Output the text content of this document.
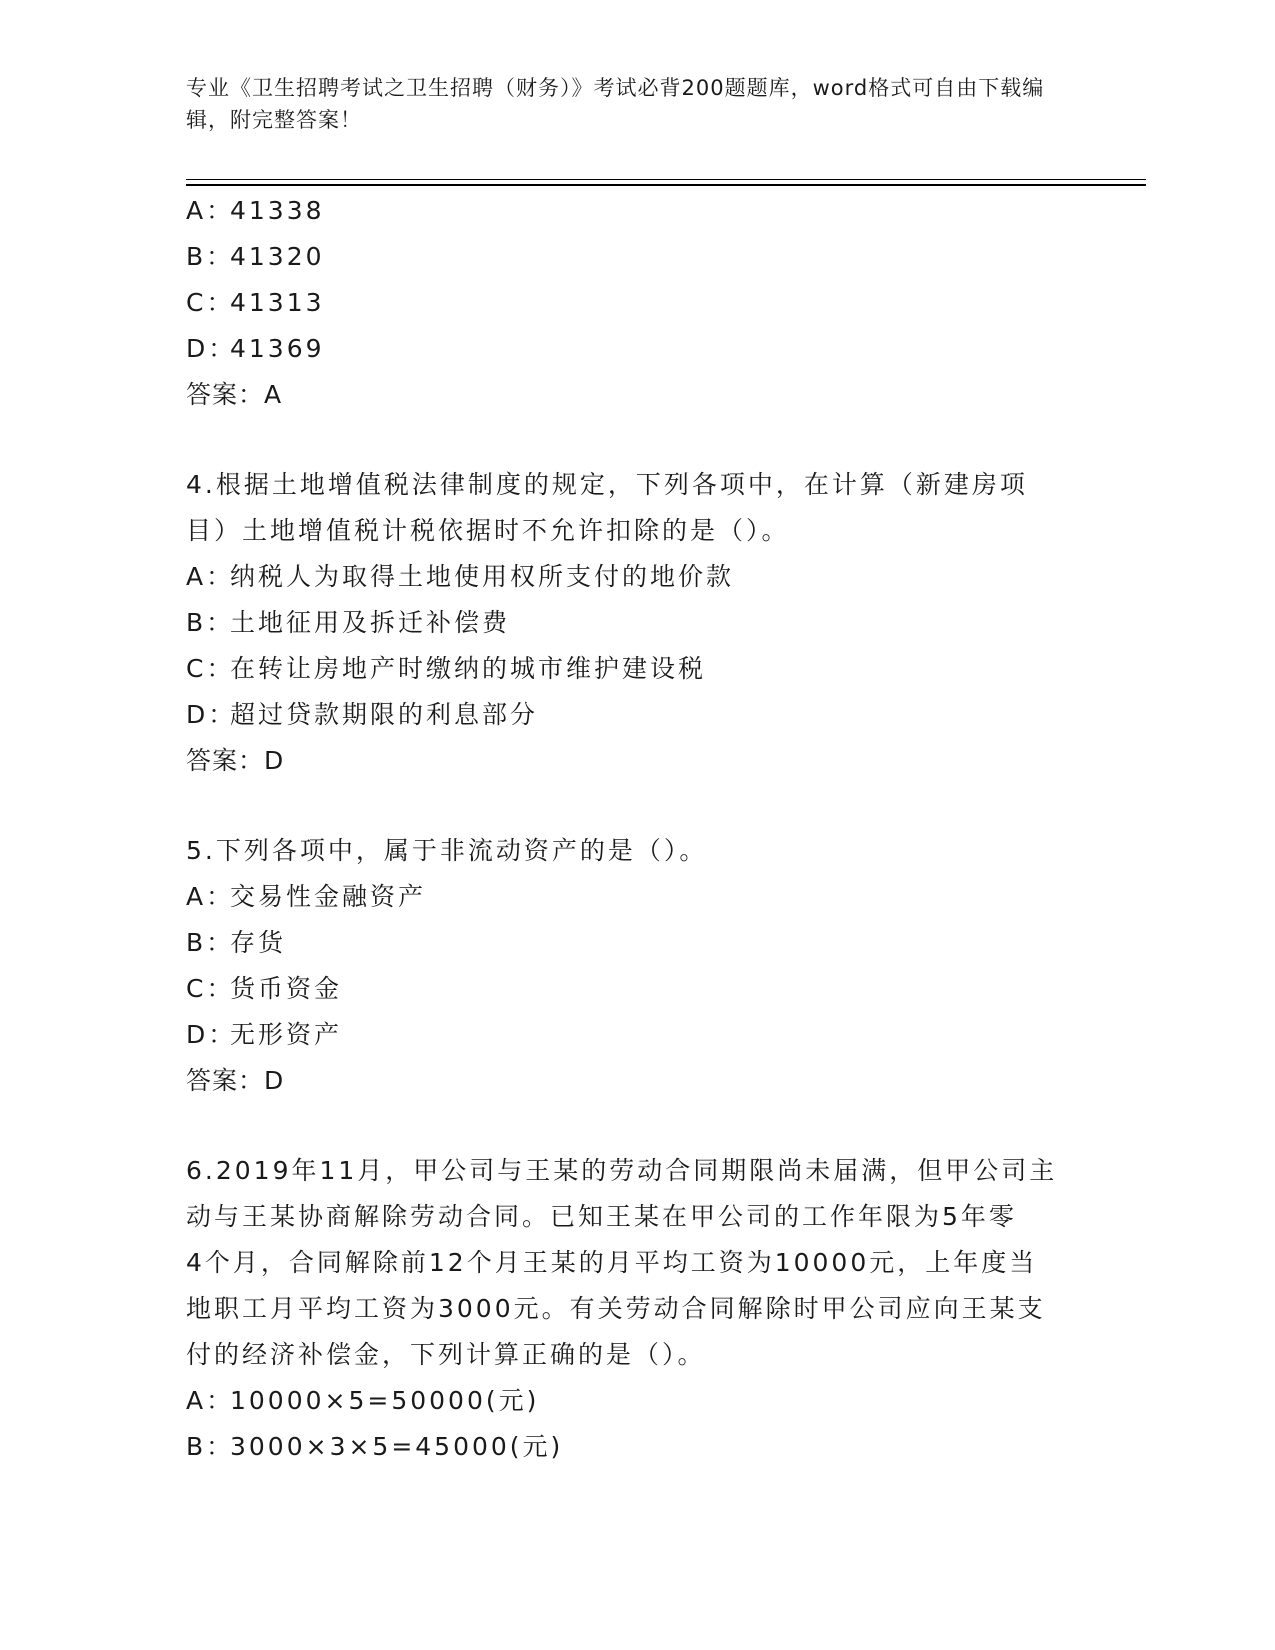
专业《卫生招聘考试之卫生招聘（财务）》考试必背200题题库，word格式可自由下载编辑，附完整答案！
A：41338
B：41320
C：41313
D：41369
答案：A
4.根据土地增值税法律制度的规定，下列各项中，在计算（新建房项
目）土地增值税计税依据时不允许扣除的是（）。
A：纳税人为取得土地使用权所支付的地价款
B：土地征用及拆迁补偿费
C：在转让房地产时缴纳的城市维护建设税
D：超过贷款期限的利息部分
答案：D
5.下列各项中，属于非流动资产的是（）。
A：交易性金融资产
B：存货
C：货币资金
D：无形资产
答案：D
6.2019年11月，甲公司与王某的劳动合同期限尚未届满，但甲公司主
动与王某协商解除劳动合同。已知王某在甲公司的工作年限为5年零
4个月，合同解除前12个月王某的月平均工资为10000元，上年度当
地职工月平均工资为3000元。有关劳动合同解除时甲公司应向王某支
付的经济补偿金，下列计算正确的是（）。
A：10000×5=50000(元)
B：3000×3×5=45000(元)
